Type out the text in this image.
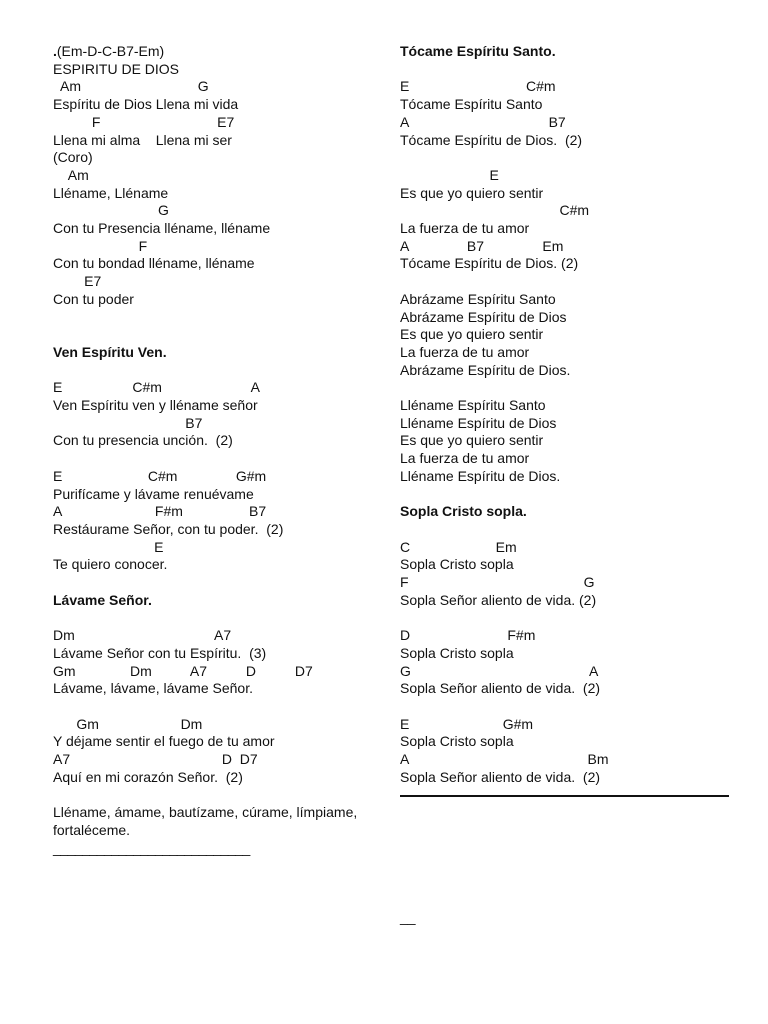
.(Em-D-C-B7-Em)
ESPIRITU DE DIOS
Am                              G
Espíritu de Dios Llena mi vida
F                              E7
Llena mi alma    Llena mi ser
(Coro)
Am
Lléname, Lléname
G
Con tu Presencia lléname, lléname
F
Con tu bondad lléname, lléname
E7
Con tu poder
Ven Espíritu Ven.
E                  C#m                       A
Ven Espíritu ven y lléname señor
B7
Con tu presencia unción.  (2)
E                      C#m               G#m
Purifícame y lávame renuévame
A                        F#m                 B7
Restáurame Señor, con tu poder.  (2)
E
Te quiero conocer.
Lávame Señor.
Dm                                    A7
Lávame Señor con tu Espíritu.  (3)
Gm              Dm          A7          D          D7
Lávame, lávame, lávame Señor.
Gm                     Dm
Y déjame sentir el fuego de tu amor
A7                                       D  D7
Aquí en mi corazón Señor.  (2)
Lléname, ámame, bautízame, cúrame, límpiame, fortaléceme.
___________________________
Tócame Espíritu Santo.
E                              C#m
Tócame Espíritu Santo
A                                    B7
Tócame Espíritu de Dios.  (2)
E
Es que yo quiero sentir
C#m
La fuerza de tu amor
A               B7               Em
Tócame Espíritu de Dios. (2)
Abrázame Espíritu Santo
Abrázame Espíritu de Dios
Es que yo quiero sentir
La fuerza de tu amor
Abrázame Espíritu de Dios.
Lléname Espíritu Santo
Lléname Espíritu de Dios
Es que yo quiero sentir
La fuerza de tu amor
Lléname Espíritu de Dios.
Sopla Cristo sopla.
C                      Em
Sopla Cristo sopla
F                                             G
Sopla Señor aliento de vida. (2)
D                         F#m
Sopla Cristo sopla
G                                              A
Sopla Señor aliento de vida.  (2)
E                        G#m
Sopla Cristo sopla
A                                              Bm
Sopla Señor aliento de vida.  (2)
__
